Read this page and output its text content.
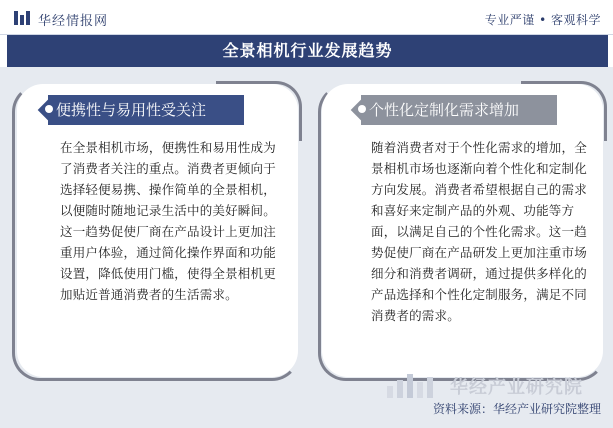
华经情报网	专业严谨 • 客观科学
全景相机行业发展趋势
便携性与易用性受关注
在全景相机市场，便携性和易用性成为了消费者关注的重点。消费者更倾向于选择轻便易携、操作简单的全景相机，以便随时随地记录生活中的美好瞬间。这一趋势促使厂商在产品设计上更加注重用户体验，通过简化操作界面和功能设置，降低使用门槛，使得全景相机更加贴近普通消费者的生活需求。
个性化定制化需求增加
随着消费者对于个性化需求的增加，全景相机市场也逐渐向着个性化和定制化方向发展。消费者希望根据自己的需求和喜好来定制产品的外观、功能等方面，以满足自己的个性化需求。这一趋势促使厂商在产品研发上更加注重市场细分和消费者调研，通过提供多样化的产品选择和个性化定制服务，满足不同消费者的需求。
华经产业研究院
资料来源：华经产业研究院整理
